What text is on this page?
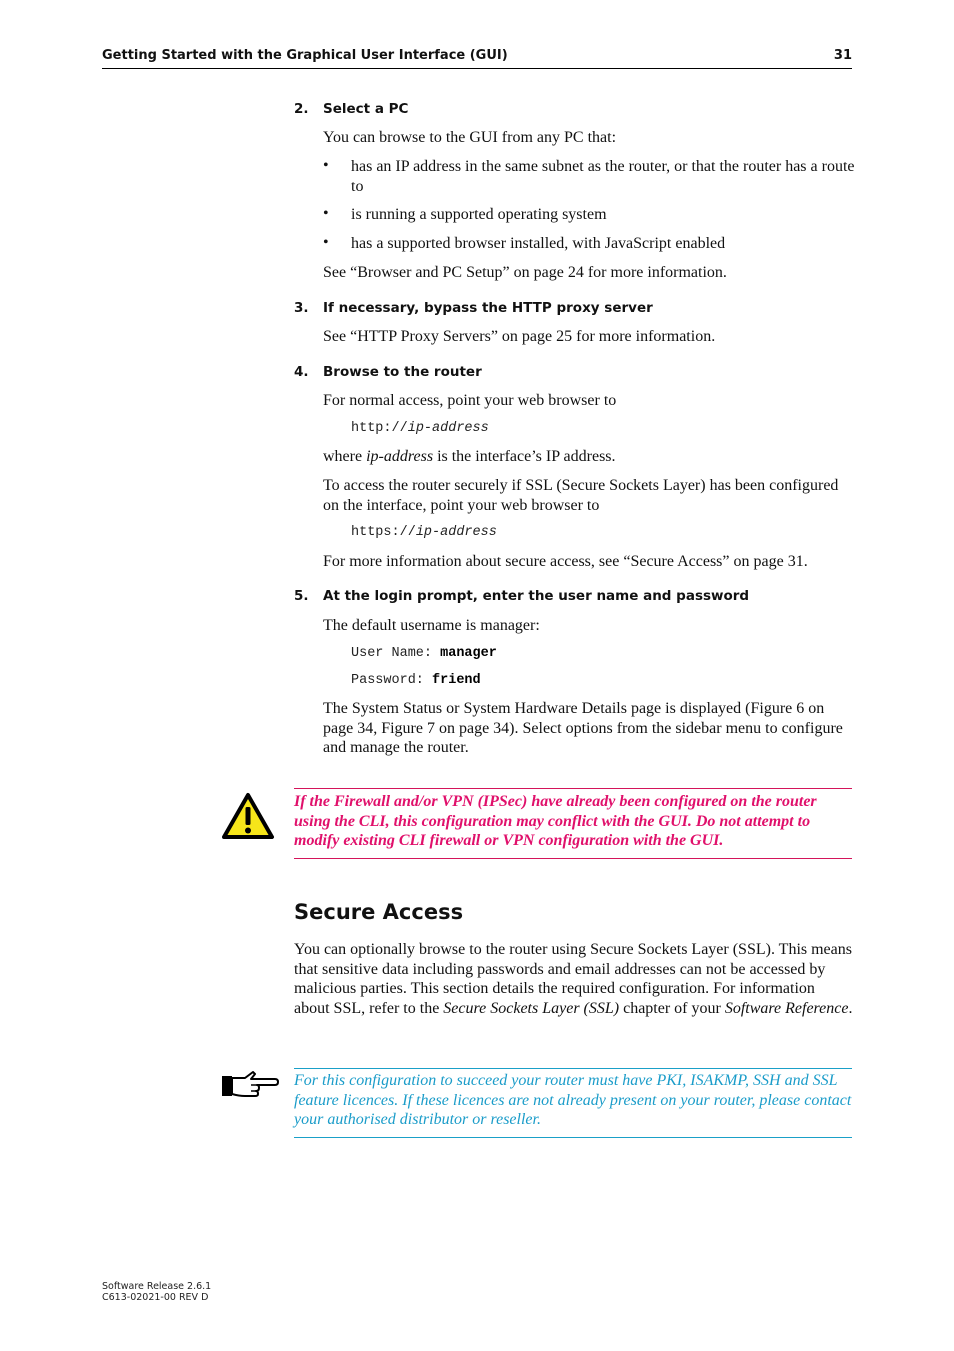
Getting Started with the Graphical User Interface (GUI)	31
2. Select a PC
You can browse to the GUI from any PC that:
• has an IP address in the same subnet as the router, or that the router has a route to
• is running a supported operating system
• has a supported browser installed, with JavaScript enabled
See “Browser and PC Setup” on page 24 for more information.
3. If necessary, bypass the HTTP proxy server
See “HTTP Proxy Servers” on page 25 for more information.
4. Browse to the router
For normal access, point your web browser to
http://ip-address
where ip-address is the interface’s IP address.
To access the router securely if SSL (Secure Sockets Layer) has been configured on the interface, point your web browser to
https://ip-address
For more information about secure access, see “Secure Access” on page 31.
5. At the login prompt, enter the user name and password
The default username is manager:
User Name: manager
Password: friend
The System Status or System Hardware Details page is displayed (Figure 6 on page 34, Figure 7 on page 34). Select options from the sidebar menu to configure and manage the router.
If the Firewall and/or VPN (IPSec) have already been configured on the router using the CLI, this configuration may conflict with the GUI. Do not attempt to modify existing CLI firewall or VPN configuration with the GUI.
Secure Access
You can optionally browse to the router using Secure Sockets Layer (SSL). This means that sensitive data including passwords and email addresses can not be accessed by malicious parties. This section details the required configuration. For information about SSL, refer to the Secure Sockets Layer (SSL) chapter of your Software Reference.
For this configuration to succeed your router must have PKI, ISAKMP, SSH and SSL feature licences. If these licences are not already present on your router, please contact your authorised distributor or reseller.
Software Release 2.6.1
C613-02021-00 REV D
